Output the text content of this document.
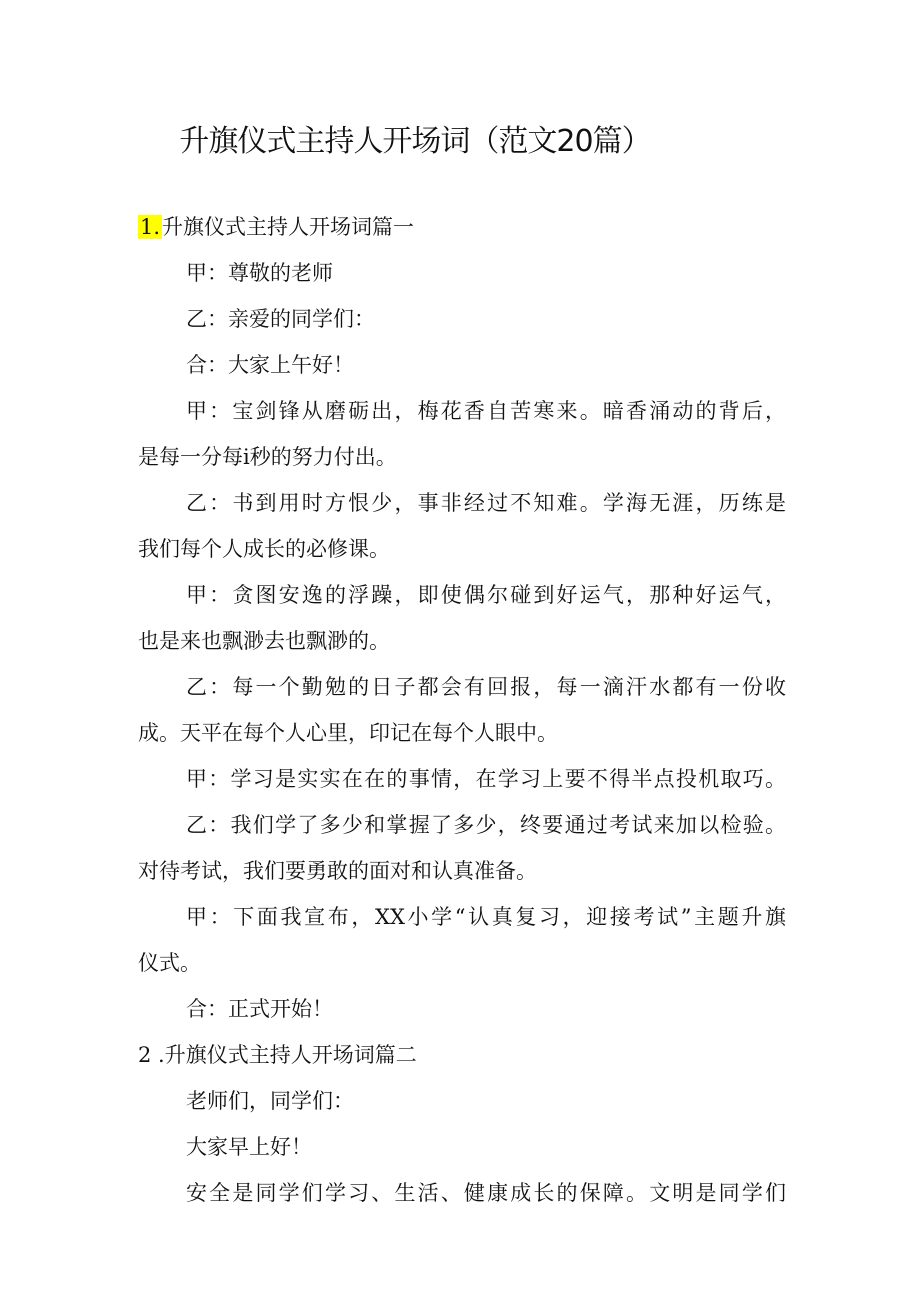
升旗仪式主持人开场词（范文20篇）
1.升旗仪式主持人开场词篇一
甲：尊敬的老师
乙：亲爱的同学们：
合：大家上午好！
甲：宝剑锋从磨砺出，梅花香自苦寒来。暗香涌动的背后，
是每一分每i秒的努力付出。
乙：书到用时方恨少，事非经过不知难。学海无涯，历练是
我们每个人成长的必修课。
甲：贪图安逸的浮躁，即使偶尔碰到好运气，那种好运气，
也是来也飘渺去也飘渺的。
乙：每一个勤勉的日子都会有回报，每一滴汗水都有一份收
成。天平在每个人心里，印记在每个人眼中。
甲：学习是实实在在的事情，在学习上要不得半点投机取巧。
乙：我们学了多少和掌握了多少，终要通过考试来加以检验。
对待考试，我们要勇敢的面对和认真准备。
甲：下面我宣布，XX小学“认真复习，迎接考试”主题升旗
仪式。
合：正式开始！
2 .升旗仪式主持人开场词篇二
老师们，同学们：
大家早上好！
安全是同学们学习、生活、健康成长的保障。文明是同学们
